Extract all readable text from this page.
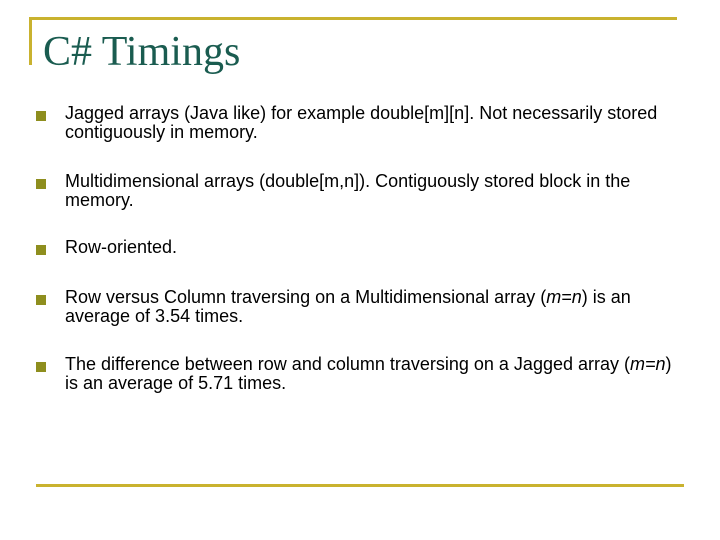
C# Timings
Jagged arrays (Java like) for example double[m][n]. Not necessarily stored contiguously in memory.
Multidimensional arrays (double[m,n]). Contiguously stored block in the memory.
Row-oriented.
Row versus Column traversing on a Multidimensional array (m=n) is an average of 3.54 times.
The difference between row and column traversing on a Jagged array (m=n) is an average of 5.71 times.
